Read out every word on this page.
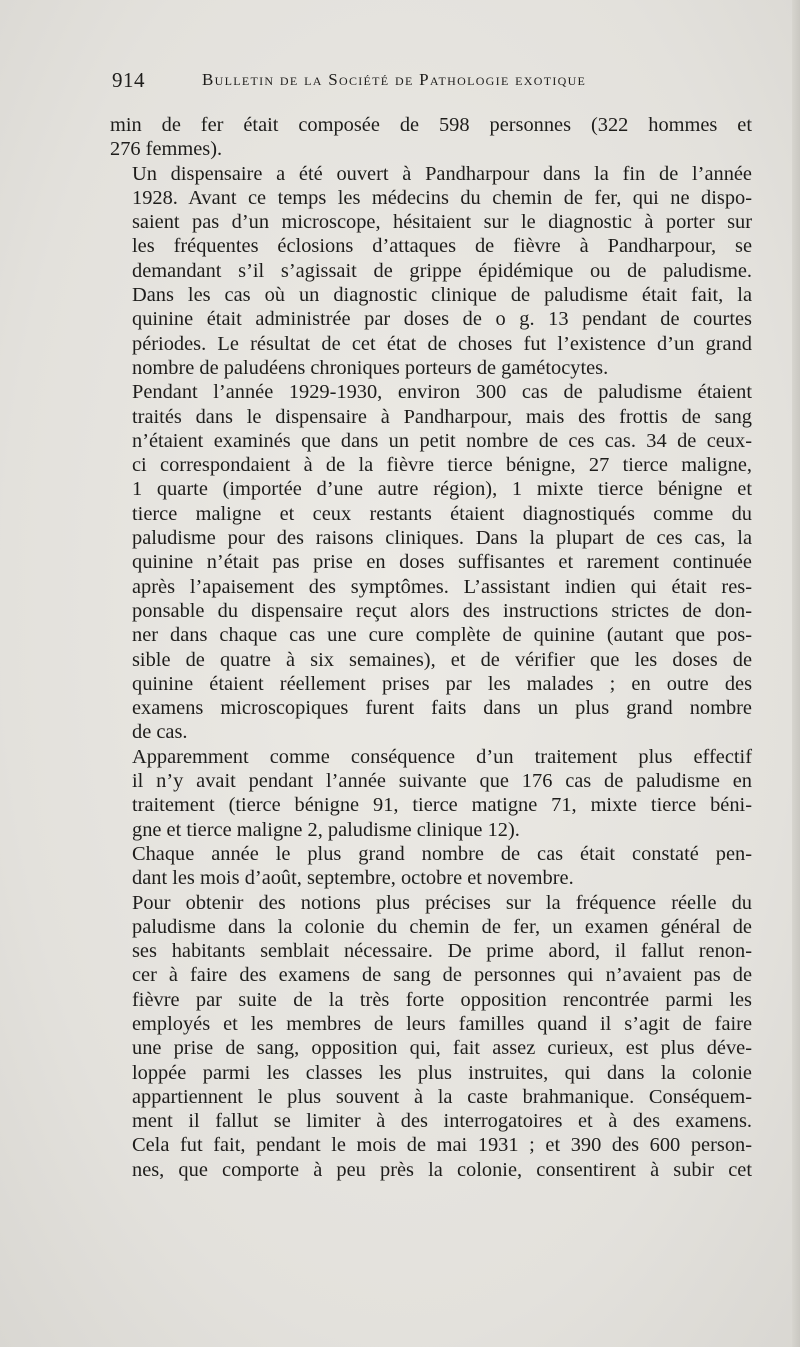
914	Bulletin de la Société de Pathologie exotique

min de fer était composée de 598 personnes (322 hommes et
276 femmes).

Un dispensaire a été ouvert à Pandharpour dans la fin de l’année
1928. Avant ce temps les médecins du chemin de fer, qui ne dispo-
saient pas d’un microscope, hésitaient sur le diagnostic à porter sur
les fréquentes éclosions d’attaques de fièvre à Pandharpour, se
demandant s’il s’agissait de grippe épidémique ou de paludisme.
Dans les cas où un diagnostic clinique de paludisme était fait, la
quinine était administrée par doses de o g. 13 pendant de courtes
périodes. Le résultat de cet état de choses fut l’existence d’un grand
nombre de paludéens chroniques porteurs de gamétocytes.

Pendant l’année 1929-1930, environ 300 cas de paludisme étaient
traités dans le dispensaire à Pandharpour, mais des frottis de sang
n’étaient examinés que dans un petit nombre de ces cas. 34 de ceux-
ci correspondaient à de la fièvre tierce bénigne, 27 tierce maligne,
1 quarte (importée d’une autre région), 1 mixte tierce bénigne et
tierce maligne et ceux restants étaient diagnostiqués comme du
paludisme pour des raisons cliniques. Dans la plupart de ces cas, la
quinine n’était pas prise en doses suffisantes et rarement continuée
après l’apaisement des symptômes. L’assistant indien qui était res-
ponsable du dispensaire reçut alors des instructions strictes de don-
ner dans chaque cas une cure complète de quinine (autant que pos-
sible de quatre à six semaines), et de vérifier que les doses de
quinine étaient réellement prises par les malades ; en outre des
examens microscopiques furent faits dans un plus grand nombre
de cas.

Apparemment comme conséquence d’un traitement plus effectif
il n’y avait pendant l’année suivante que 176 cas de paludisme en
traitement (tierce bénigne 91, tierce matigne 71, mixte tierce béni-
gne et tierce maligne 2, paludisme clinique 12).

Chaque année le plus grand nombre de cas était constaté pen-
dant les mois d’août, septembre, octobre et novembre.

Pour obtenir des notions plus précises sur la fréquence réelle du
paludisme dans la colonie du chemin de fer, un examen général de
ses habitants semblait nécessaire. De prime abord, il fallut renon-
cer à faire des examens de sang de personnes qui n’avaient pas de
fièvre par suite de la très forte opposition rencontrée parmi les
employés et les membres de leurs familles quand il s’agit de faire
une prise de sang, opposition qui, fait assez curieux, est plus déve-
loppée parmi les classes les plus instruites, qui dans la colonie
appartiennent le plus souvent à la caste brahmanique. Conséquem-
ment il fallut se limiter à des interrogatoires et à des examens.
Cela fut fait, pendant le mois de mai 1931 ; et 390 des 600 person-
nes, que comporte à peu près la colonie, consentirent à subir cet
